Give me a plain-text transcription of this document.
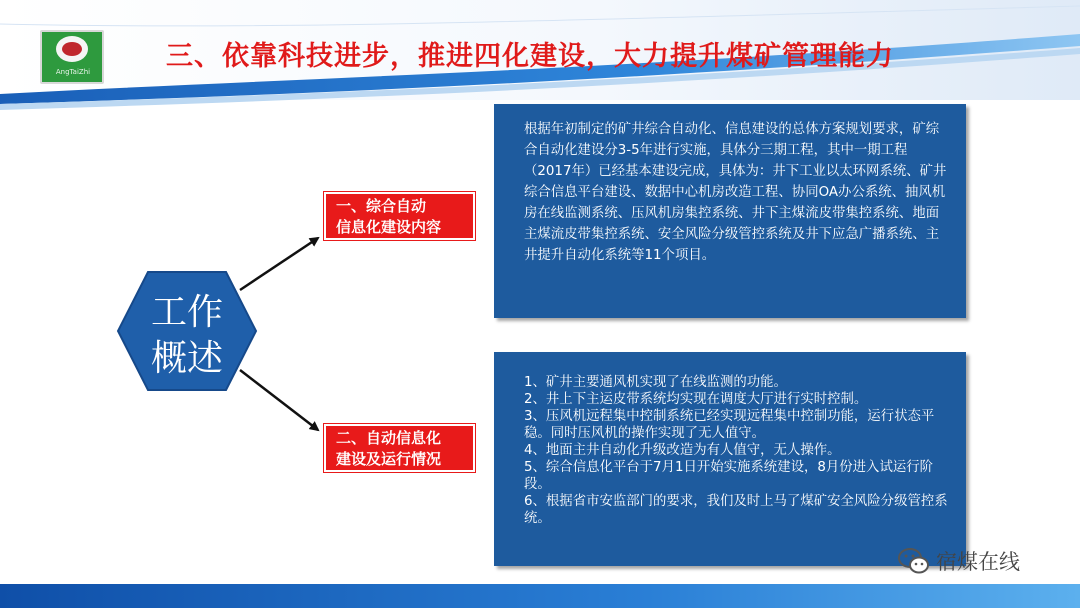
AngTaiZhi	三、依靠科技进步，推进四化建设，大力提升煤矿管理能力
工作
概述
一、综合自动
信息化建设内容
二、自动信息化
建设及运行情况

根据年初制定的矿井综合自动化、信息建设的总体方案规划要求，矿综合自动化建设分3-5年进行实施，具体分三期工程，其中一期工程（2017年）已经基本建设完成，具体为：井下工业以太环网系统、矿井综合信息平台建设、数据中心机房改造工程、协同OA办公系统、抽风机房在线监测系统、压风机房集控系统、井下主煤流皮带集控系统、地面主煤流皮带集控系统、安全风险分级管控系统及井下应急广播系统、主井提升自动化系统等11个项目。

1、矿井主要通风机实现了在线监测的功能。

2、井上下主运皮带系统均实现在调度大厅进行实时控制。

3、压风机远程集中控制系统已经实现远程集中控制功能，运行状态平稳。同时压风机的操作实现了无人值守。

4、地面主井自动化升级改造为有人值守，无人操作。

5、综合信息化平台于7月1日开始实施系统建设，8月份进入试运行阶段。

6、根据省市安监部门的要求，我们及时上马了煤矿安全风险分级管控系统。

宿煤在线
